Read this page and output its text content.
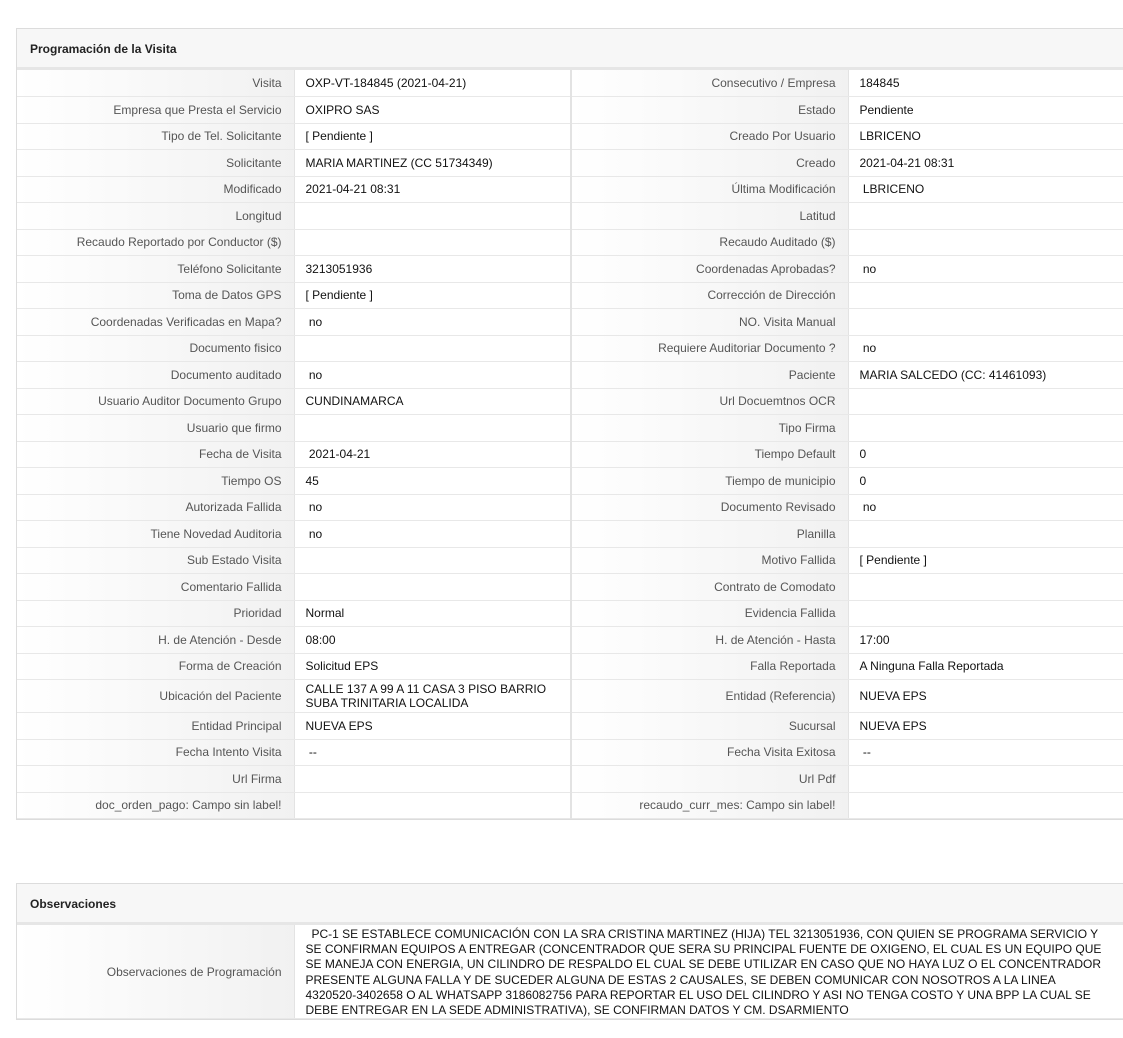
Programación de la Visita
Visita	OXP-VT-184845 (2021-04-21)	Consecutivo / Empresa	184845
Empresa que Presta el Servicio	OXIPRO SAS	Estado	Pendiente
Tipo de Tel. Solicitante	[ Pendiente ]	Creado Por Usuario	LBRICENO
Solicitante	MARIA MARTINEZ (CC 51734349)	Creado	2021-04-21 08:31
Modificado	2021-04-21 08:31	Última Modificación	LBRICENO
Longitud		Latitud	
Recaudo Reportado por Conductor ($)		Recaudo Auditado ($)	
Teléfono Solicitante	3213051936	Coordenadas Aprobadas?	no
Toma de Datos GPS	[ Pendiente ]	Corrección de Dirección	
Coordenadas Verificadas en Mapa?	no	NO. Visita Manual	
Documento fisico		Requiere Auditoriar Documento ?	no
Documento auditado	no	Paciente	MARIA SALCEDO (CC: 41461093)
Usuario Auditor Documento Grupo	CUNDINAMARCA	Url Docuemtnos OCR	
Usuario que firmo		Tipo Firma	
Fecha de Visita	2021-04-21	Tiempo Default	0
Tiempo OS	45	Tiempo de municipio	0
Autorizada Fallida	no	Documento Revisado	no
Tiene Novedad Auditoria	no	Planilla	
Sub Estado Visita		Motivo Fallida	[ Pendiente ]
Comentario Fallida		Contrato de Comodato	
Prioridad	Normal	Evidencia Fallida	
H. de Atención - Desde	08:00	H. de Atención - Hasta	17:00
Forma de Creación	Solicitud EPS	Falla Reportada	A Ninguna Falla Reportada
Ubicación del Paciente	CALLE 137 A 99 A 11 CASA 3 PISO BARRIO SUBA TRINITARIA LOCALIDA	Entidad (Referencia)	NUEVA EPS
Entidad Principal	NUEVA EPS	Sucursal	NUEVA EPS
Fecha Intento Visita	--	Fecha Visita Exitosa	--
Url Firma		Url Pdf	
doc_orden_pago: Campo sin label!		recaudo_curr_mes: Campo sin label!	
Observaciones
Observaciones de Programación	
PC-1 SE ESTABLECE COMUNICACIÓN CON LA SRA CRISTINA MARTINEZ (HIJA) TEL 3213051936, CON QUIEN SE PROGRAMA SERVICIO Y SE CONFIRMAN EQUIPOS A ENTREGAR (CONCENTRADOR QUE SERA SU PRINCIPAL FUENTE DE OXIGENO, EL CUAL ES UN EQUIPO QUE SE MANEJA CON ENERGIA, UN CILINDRO DE RESPALDO EL CUAL SE DEBE UTILIZAR EN CASO QUE NO HAYA LUZ O EL CONCENTRADOR PRESENTE ALGUNA FALLA Y DE SUCEDER ALGUNA DE ESTAS 2 CAUSALES, SE DEBEN COMUNICAR CON NOSOTROS A LA LINEA 4320520-3402658 O AL WHATSAPP 3186082756 PARA REPORTAR EL USO DEL CILINDRO Y ASI NO TENGA COSTO Y UNA BPP LA CUAL SE DEBE ENTREGAR EN LA SEDE ADMINISTRATIVA), SE CONFIRMAN DATOS Y CM. DSARMIENTO
